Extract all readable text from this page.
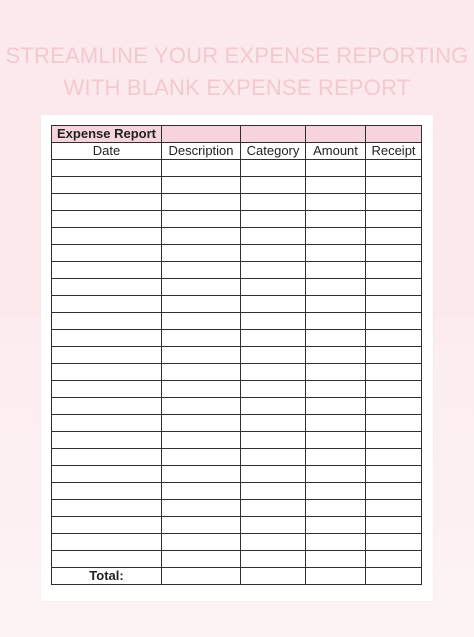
STREAMLINE YOUR EXPENSE REPORTING
WITH BLANK EXPENSE REPORT
Expense Report				
Date	Description	Category	Amount	Receipt

Total:				
